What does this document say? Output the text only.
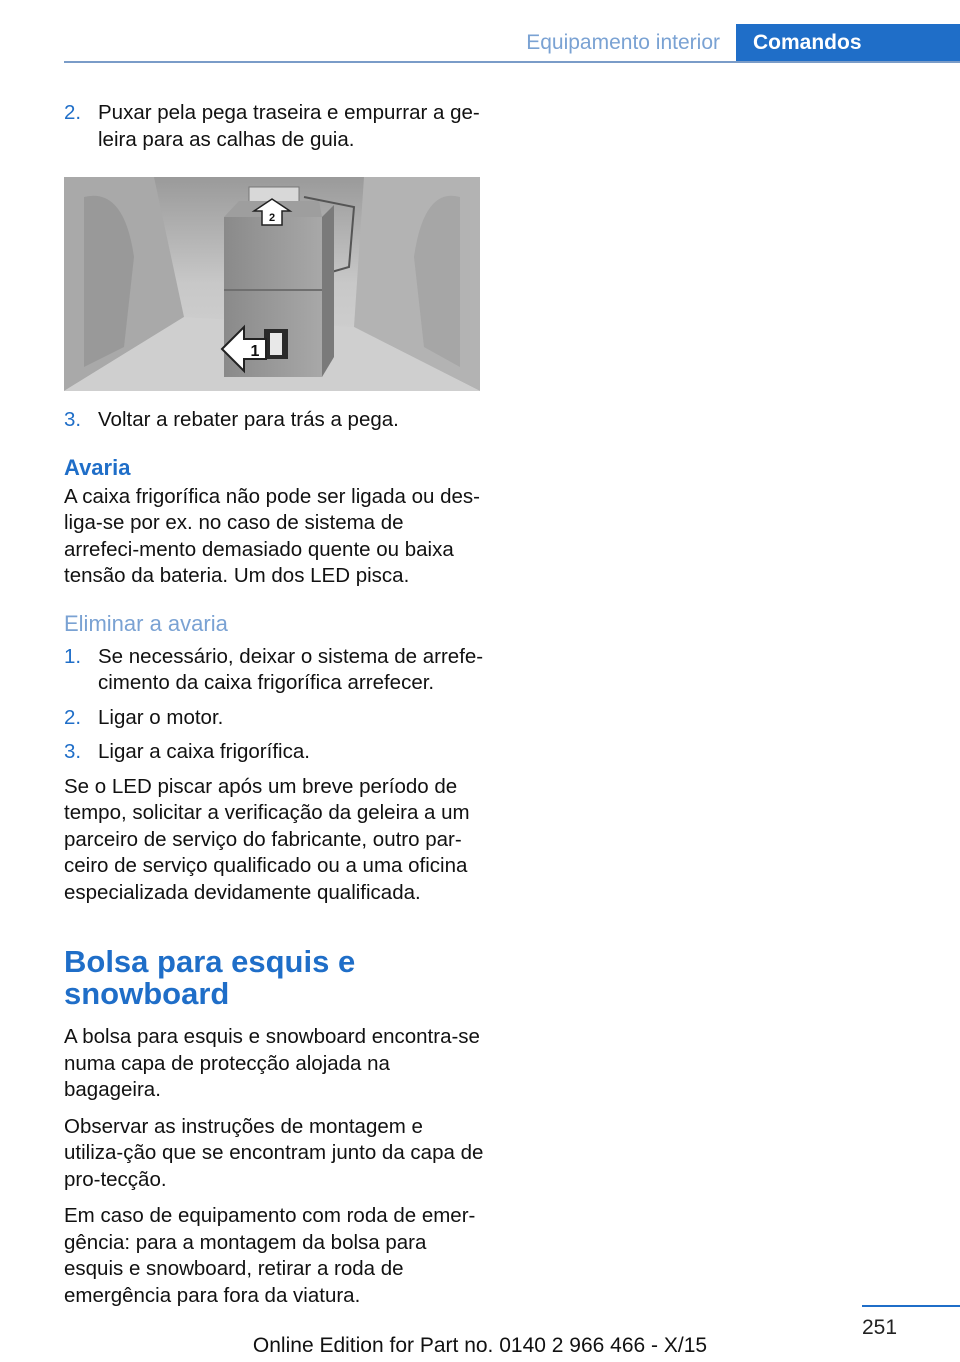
Equipamento interior	Comandos
2. Puxar pela pega traseira e empurrar a geleira para as calhas de guia.
2
1
3. Voltar a rebater para trás a pega.
Avaria

A caixa frigorífica não pode ser ligada ou des‐liga-se por ex. no caso de sistema de arrefeci‐mento demasiado quente ou baixa tensão da bateria. Um dos LED pisca.

Eliminar a avaria
1. Se necessário, deixar o sistema de arrefe‐cimento da caixa frigorífica arrefecer.
2. Ligar o motor.
3. Ligar a caixa frigorífica.

Se o LED piscar após um breve período de tempo, solicitar a verificação da geleira a um parceiro de serviço do fabricante, outro par‐ceiro de serviço qualificado ou a uma oficina especializada devidamente qualificada.

Bolsa para esquis e snowboard

A bolsa para esquis e snowboard encontra-se numa capa de protecção alojada na bagageira.

Observar as instruções de montagem e utiliza‐ção que se encontram junto da capa de pro‐tecção.

Em caso de equipamento com roda de emer‐gência: para a montagem da bolsa para esquis e snowboard, retirar a roda de emergência para fora da viatura.

251
Online Edition for Part no. 0140 2 966 466 - X/15
